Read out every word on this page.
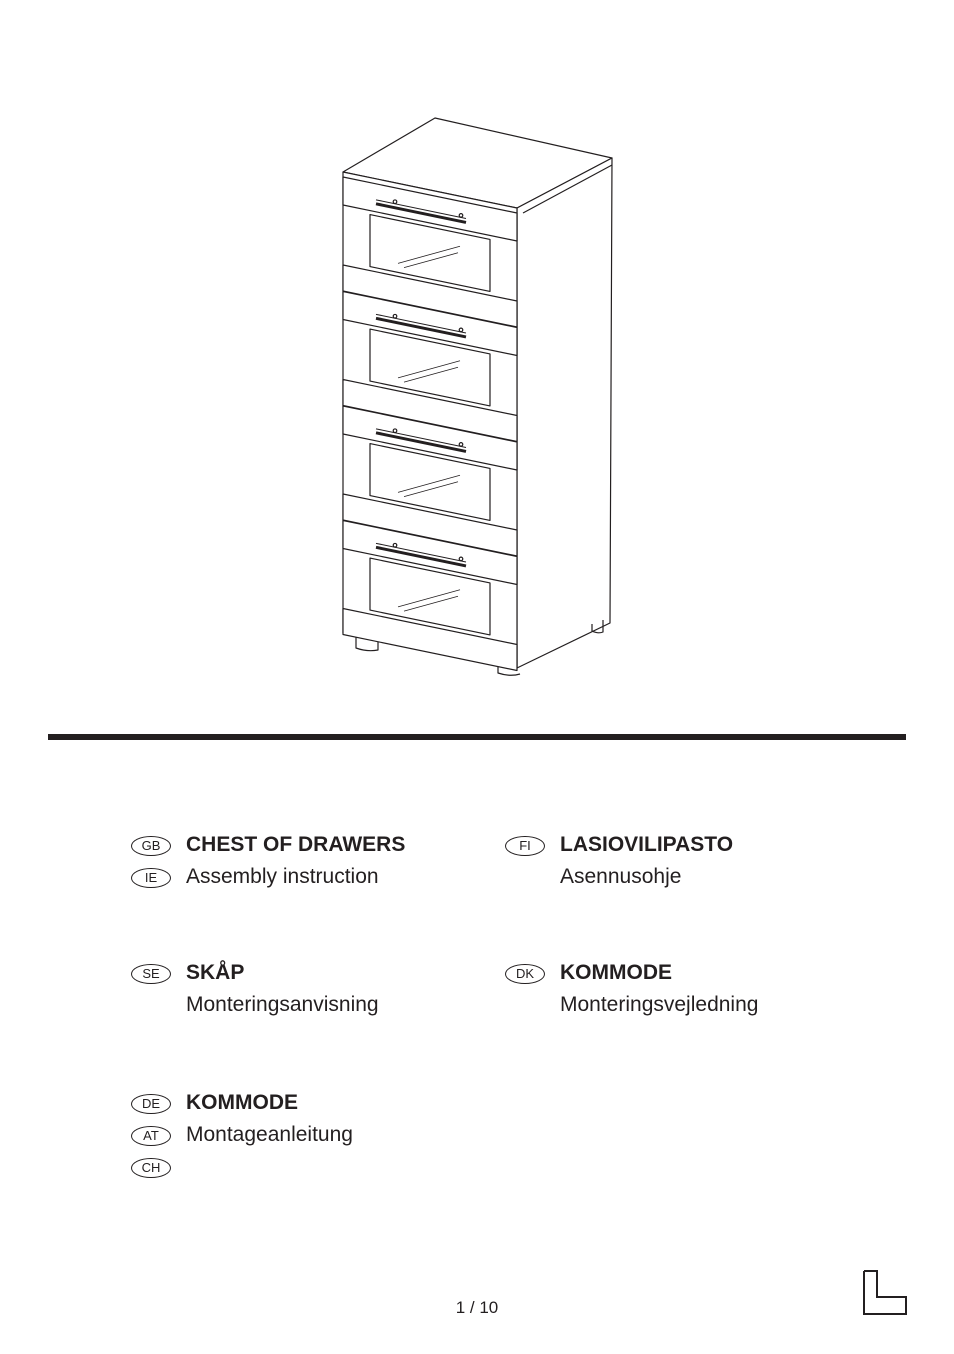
GB	CHEST OF DRAWERS
IE	Assembly instruction
FI	LASIOVILIPASTO
Asennusohje
SE	SKÅP
Monteringsanvisning
DK	KOMMODE
Monteringsvejledning
DE	KOMMODE
AT	Montageanleitung
CH
1 / 10
